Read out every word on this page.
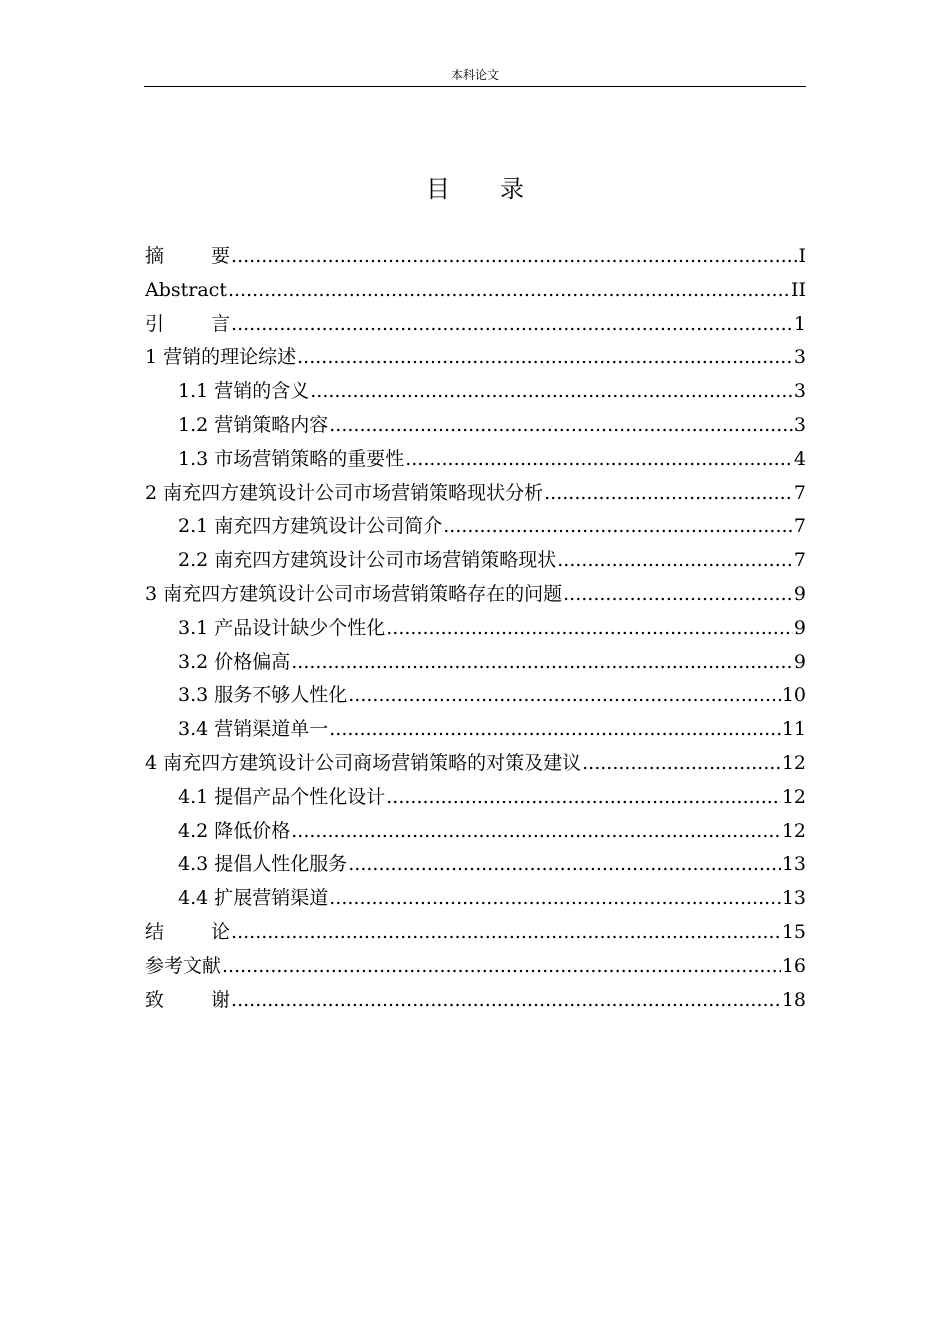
本科论文
目录
摘要 .....	I
Abstract .....	II
引言 .....	1
1 营销的理论综述 .....	3
1.1 营销的含义 .....	3
1.2 营销策略内容 .....	3
1.3 市场营销策略的重要性 .....	4
2 南充四方建筑设计公司市场营销策略现状分析 .....	7
2.1 南充四方建筑设计公司简介 .....	7
2.2 南充四方建筑设计公司市场营销策略现状 .....	7
3 南充四方建筑设计公司市场营销策略存在的问题 .....	9
3.1 产品设计缺少个性化 .....	9
3.2 价格偏高 .....	9
3.3 服务不够人性化 .....	10
3.4 营销渠道单一 .....	11
4 南充四方建筑设计公司商场营销策略的对策及建议 .....	12
4.1 提倡产品个性化设计 .....	12
4.2 降低价格 .....	12
4.3 提倡人性化服务 .....	13
4.4 扩展营销渠道 .....	13
结论 .....	15
参考文献 .....	16
致谢 .....	18
